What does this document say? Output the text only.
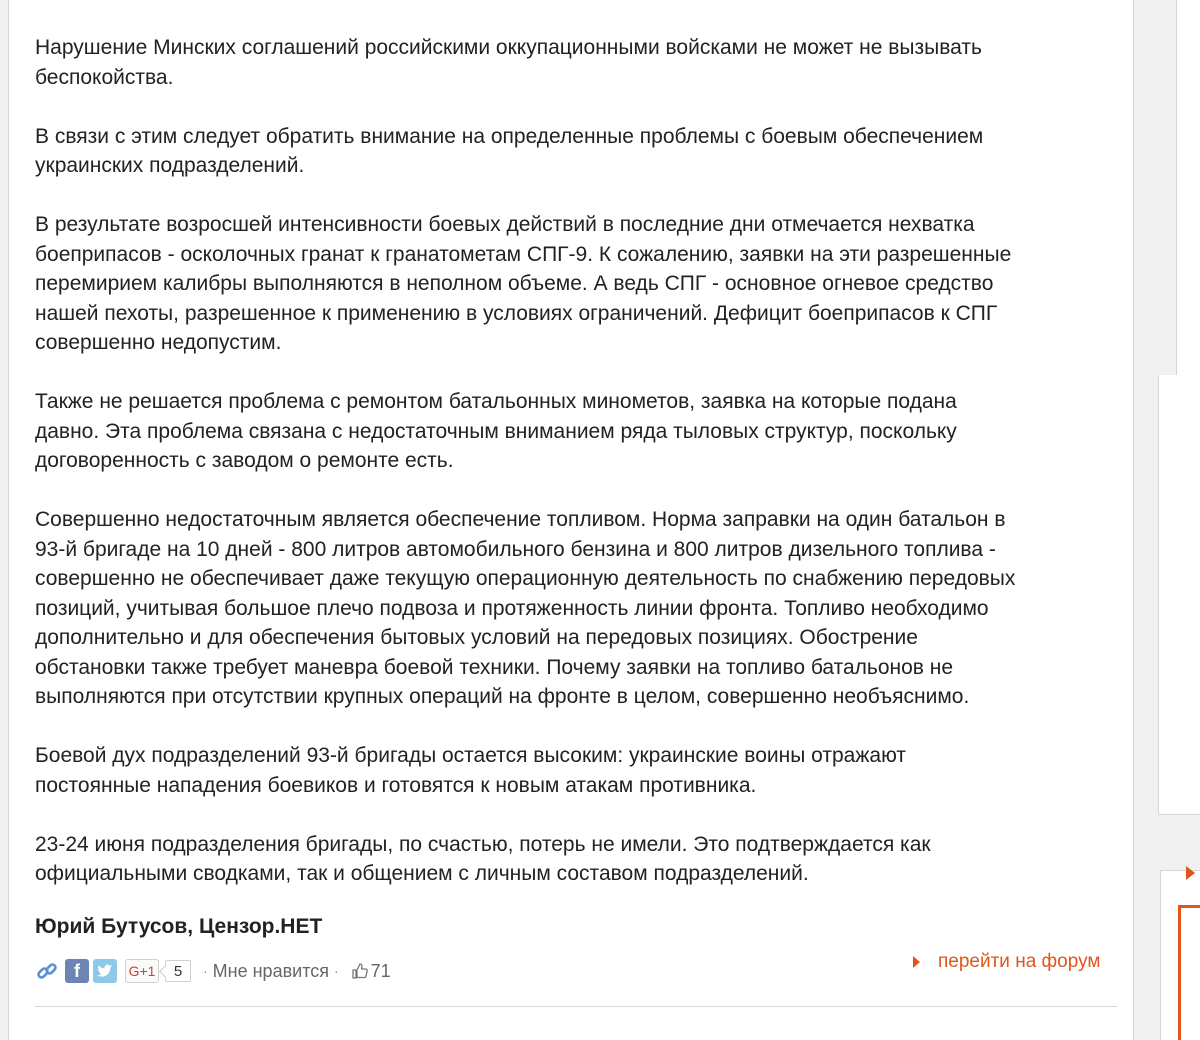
Нарушение Минских соглашений российскими оккупационными войсками не может не вызывать
беспокойства.

В связи с этим следует обратить внимание на определенные проблемы с боевым обеспечением
украинских подразделений.

В результате возросшей интенсивности боевых действий в последние дни отмечается нехватка
боеприпасов - осколочных гранат к гранатометам СПГ-9. К сожалению, заявки на эти разрешенные
перемирием калибры выполняются в неполном объеме. А ведь СПГ - основное огневое средство
нашей пехоты, разрешенное к применению в условиях ограничений. Дефицит боеприпасов к СПГ
совершенно недопустим.

Также не решается проблема с ремонтом батальонных минометов, заявка на которые подана
давно. Эта проблема связана с недостаточным вниманием ряда тыловых структур, поскольку
договоренность с заводом о ремонте есть.

Совершенно недостаточным является обеспечение топливом. Норма заправки на один батальон в
93-й бригаде на 10 дней - 800 литров автомобильного бензина и 800 литров дизельного топлива -
совершенно не обеспечивает даже текущую операционную деятельность по снабжению передовых
позиций, учитывая большое плечо подвоза и протяженность линии фронта. Топливо необходимо
дополнительно и для обеспечения бытовых условий на передовых позициях. Обострение
обстановки также требует маневра боевой техники. Почему заявки на топливо батальонов не
выполняются при отсутствии крупных операций на фронте в целом, совершенно необъяснимо.

Боевой дух подразделений 93-й бригады остается высоким: украинские воины отражают
постоянные нападения боевиков и готовятся к новым атакам противника.

23-24 июня подразделения бригады, по счастью, потерь не имели. Это подтверждается как
официальными сводками, так и общением с личным составом подразделений.

Юрий Бутусов, Цензор.НЕТ
f	G+1	5	· Мне нравится · 71	перейти на форум
